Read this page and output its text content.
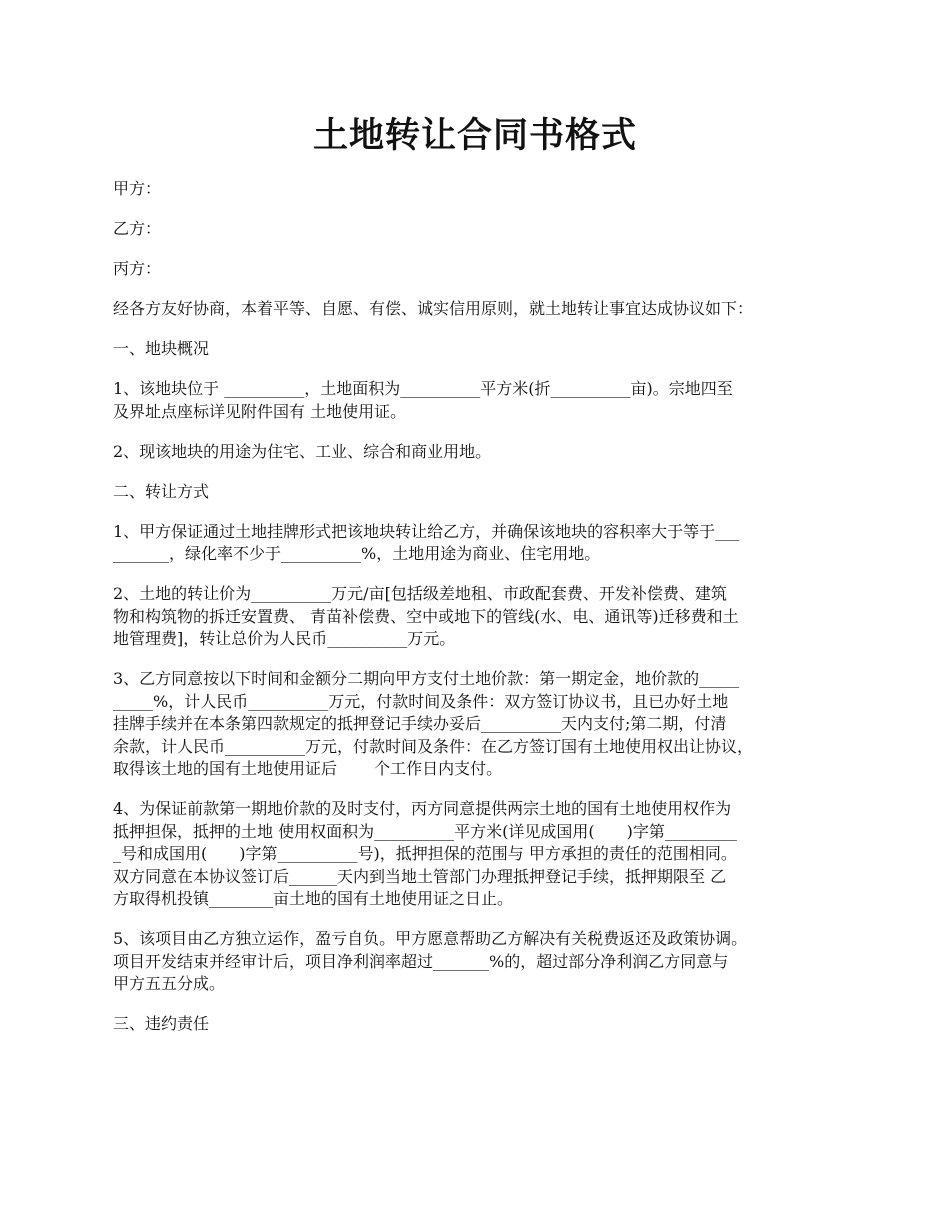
土地转让合同书格式

甲方：

乙方：

丙方：

经各方友好协商，本着平等、自愿、有偿、诚实信用原则，就土地转让事宜达成协议如下：

一、地块概况

1、该地块位于 __________，土地面积为__________平方米(折__________亩)。宗地四至
及界址点座标详见附件国有 土地使用证。

2、现该地块的用途为住宅、工业、综合和商业用地。

二、转让方式

1、甲方保证通过土地挂牌形式把该地块转让给乙方，并确保该地块的容积率大于等于___
_______，绿化率不少于__________%，土地用途为商业、住宅用地。

2、土地的转让价为__________万元/亩[包括级差地租、市政配套费、开发补偿费、建筑
物和构筑物的拆迁安置费、 青苗补偿费、空中或地下的管线(水、电、通讯等)迁移费和土
地管理费]，转让总价为人民币__________万元。

3、乙方同意按以下时间和金额分二期向甲方支付土地价款：第一期定金，地价款的_____
_____%，计人民币__________万元，付款时间及条件：双方签订协议书，且已办好土地
挂牌手续并在本条第四款规定的抵押登记手续办妥后__________天内支付;第二期，付清
余款，计人民币__________万元，付款时间及条件：在乙方签订国有土地使用权出让协议，
取得该土地的国有土地使用证后　　 个工作日内支付。

4、为保证前款第一期地价款的及时支付，丙方同意提供两宗土地的国有土地使用权作为
抵押担保，抵押的土地 使用权面积为__________平方米(详见成国用(　　)字第_________
_号和成国用(　　)字第__________号)，抵押担保的范围与 甲方承担的责任的范围相同。
双方同意在本协议签订后______天内到当地土管部门办理抵押登记手续，抵押期限至 乙
方取得机投镇________亩土地的国有土地使用证之日止。

5、该项目由乙方独立运作，盈亏自负。甲方愿意帮助乙方解决有关税费返还及政策协调。
项目开发结束并经审计后，项目净利润率超过_______%的，超过部分净利润乙方同意与
甲方五五分成。

三、违约责任
